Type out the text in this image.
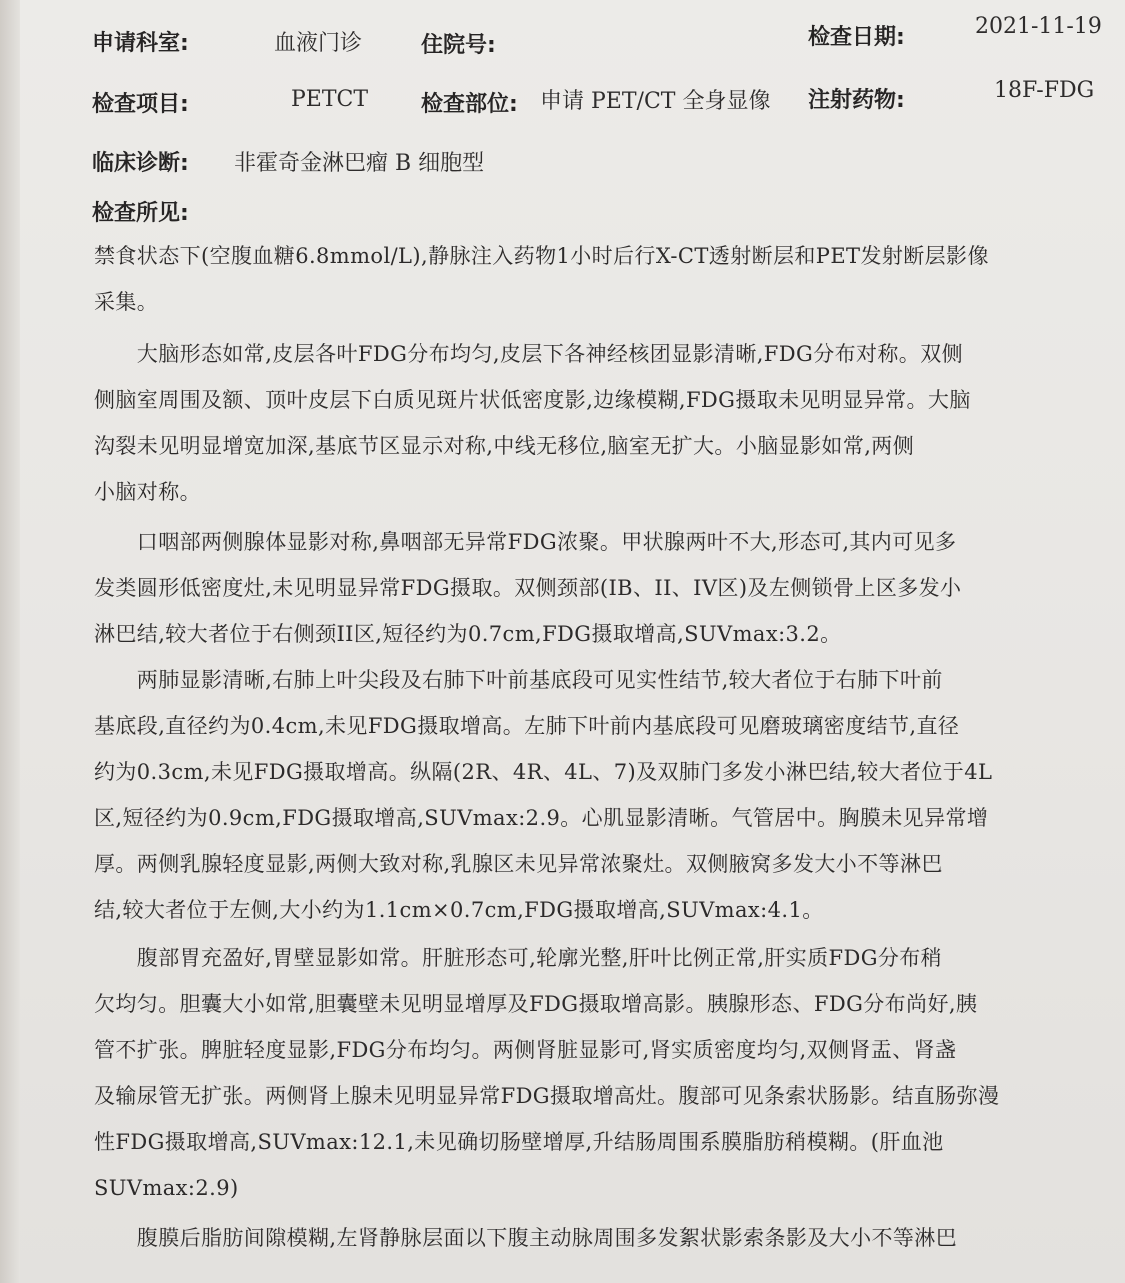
申请科室:	血液门诊	住院号:	检查日期:	2021-11-19
检查项目:	PETCT 检查部位: 申请 PET/CT 全身显像 注射药物:	18F-FDG
临床诊断: 非霍奇金淋巴瘤 B 细胞型
检查所见:
禁食状态下(空腹血糖6.8mmol/L),静脉注入药物1小时后行X-CT透射断层和PET发射断层影像
采集。
　　大脑形态如常,皮层各叶FDG分布均匀,皮层下各神经核团显影清晰,FDG分布对称。双侧
侧脑室周围及额、顶叶皮层下白质见斑片状低密度影,边缘模糊,FDG摄取未见明显异常。大脑
沟裂未见明显增宽加深,基底节区显示对称,中线无移位,脑室无扩大。小脑显影如常,两侧
小脑对称。
　　口咽部两侧腺体显影对称,鼻咽部无异常FDG浓聚。甲状腺两叶不大,形态可,其内可见多
发类圆形低密度灶,未见明显异常FDG摄取。双侧颈部(IB、II、IV区)及左侧锁骨上区多发小
淋巴结,较大者位于右侧颈II区,短径约为0.7cm,FDG摄取增高,SUVmax:3.2。
　　两肺显影清晰,右肺上叶尖段及右肺下叶前基底段可见实性结节,较大者位于右肺下叶前
基底段,直径约为0.4cm,未见FDG摄取增高。左肺下叶前内基底段可见磨玻璃密度结节,直径
约为0.3cm,未见FDG摄取增高。纵隔(2R、4R、4L、7)及双肺门多发小淋巴结,较大者位于4L
区,短径约为0.9cm,FDG摄取增高,SUVmax:2.9。心肌显影清晰。气管居中。胸膜未见异常增
厚。两侧乳腺轻度显影,两侧大致对称,乳腺区未见异常浓聚灶。双侧腋窝多发大小不等淋巴
结,较大者位于左侧,大小约为1.1cm×0.7cm,FDG摄取增高,SUVmax:4.1。
　　腹部胃充盈好,胃壁显影如常。肝脏形态可,轮廓光整,肝叶比例正常,肝实质FDG分布稍
欠均匀。胆囊大小如常,胆囊壁未见明显增厚及FDG摄取增高影。胰腺形态、FDG分布尚好,胰
管不扩张。脾脏轻度显影,FDG分布均匀。两侧肾脏显影可,肾实质密度均匀,双侧肾盂、肾盏
及输尿管无扩张。两侧肾上腺未见明显异常FDG摄取增高灶。腹部可见条索状肠影。结直肠弥漫
性FDG摄取增高,SUVmax:12.1,未见确切肠壁增厚,升结肠周围系膜脂肪稍模糊。(肝血池
SUVmax:2.9)
　　腹膜后脂肪间隙模糊,左肾静脉层面以下腹主动脉周围多发絮状影索条影及大小不等淋巴
